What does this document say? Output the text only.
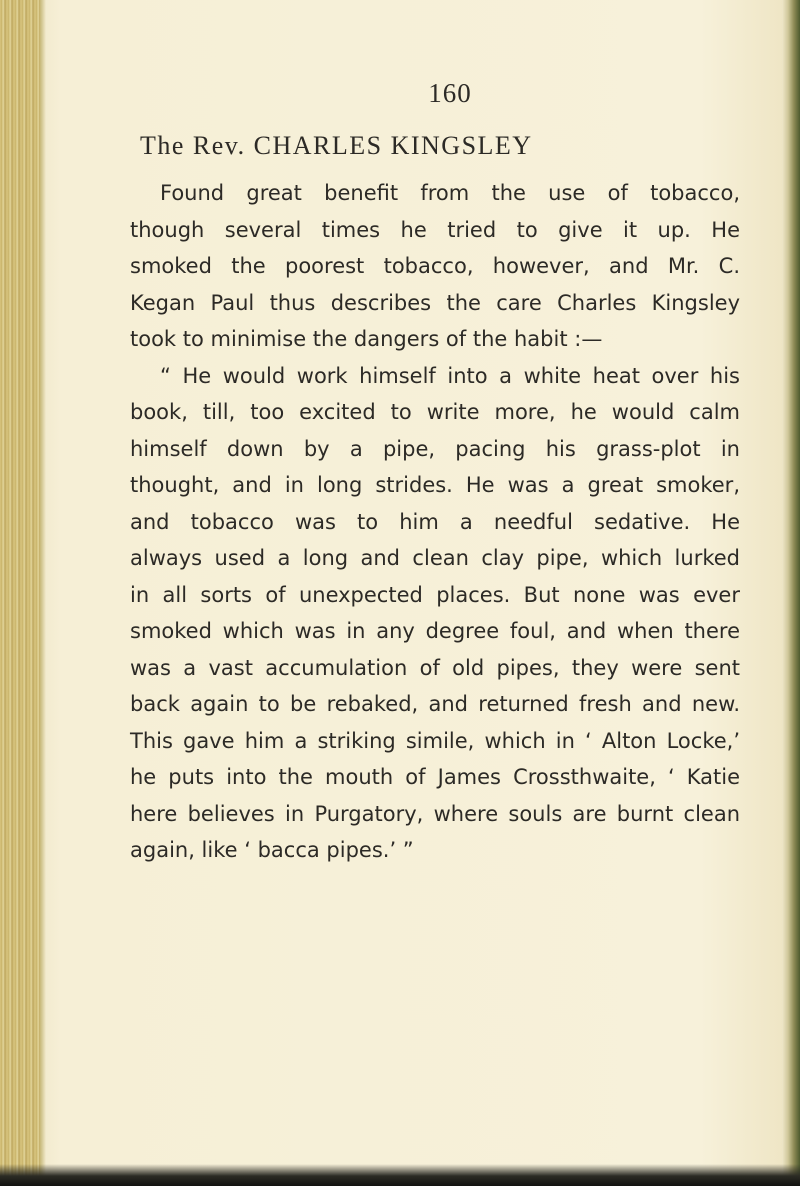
160
The Rev. CHARLES KINGSLEY
Found great benefit from the use of tobacco,
though several times he tried to give it up. He
smoked the poorest tobacco, however, and Mr. C.
Kegan Paul thus describes the care Charles Kingsley
took to minimise the dangers of the habit :—
“ He would work himself into a white heat over his
book, till, too excited to write more, he would calm
himself down by a pipe, pacing his grass-plot in
thought, and in long strides. He was a great smoker,
and tobacco was to him a needful sedative. He
always used a long and clean clay pipe, which lurked
in all sorts of unexpected places. But none was ever
smoked which was in any degree foul, and when there
was a vast accumulation of old pipes, they were sent
back again to be rebaked, and returned fresh and new.
This gave him a striking simile, which in ‘ Alton Locke,’
he puts into the mouth of James Crossthwaite, ‘ Katie
here believes in Purgatory, where souls are burnt clean
again, like ‘ bacca pipes.’ ”
